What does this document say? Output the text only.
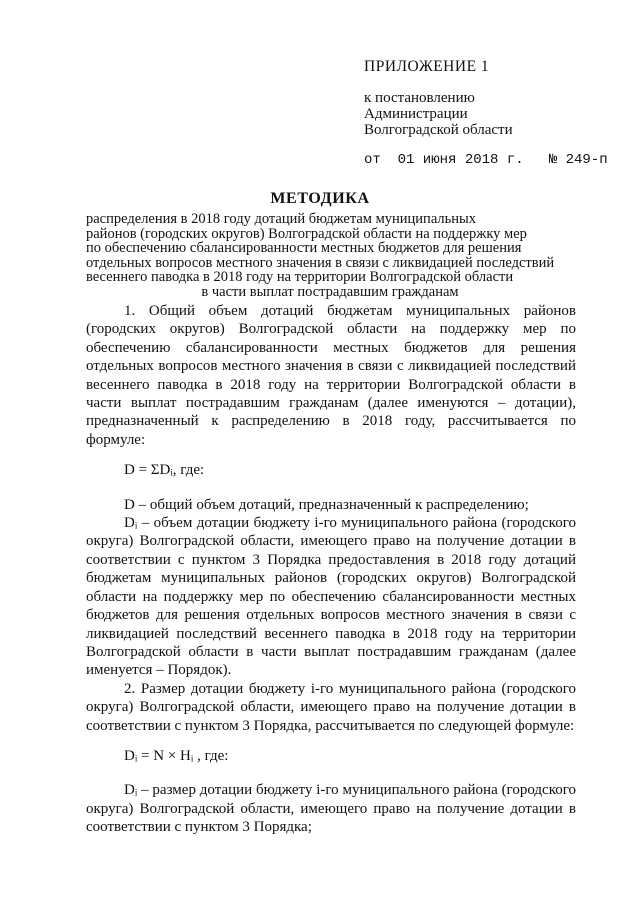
ПРИЛОЖЕНИЕ 1
к постановлению
Администрации
Волгоградской области
от  01 июня 2018 г.   № 249-п
МЕТОДИКА
распределения в 2018 году дотаций бюджетам муниципальных
районов (городских округов) Волгоградской области на поддержку мер
по обеспечению сбалансированности местных бюджетов для решения
отдельных вопросов местного значения в связи с ликвидацией последствий
весеннего паводка в 2018 году на территории Волгоградской области
в части выплат пострадавшим гражданам

1. Общий объем дотаций бюджетам муниципальных районов (городских округов) Волгоградской области на поддержку мер по обеспечению сбалансированности местных бюджетов для решения отдельных вопросов местного значения в связи с ликвидацией последствий весеннего паводка в 2018 году на территории Волгоградской области в части выплат пострадавшим гражданам (далее именуются – дотации), предназначенный к распределению в 2018 году, рассчитывается по формуле:

D = ΣDᵢ, где:

D – общий объем дотаций, предназначенный к распределению;

Dᵢ – объем дотации бюджету i-го муниципального района (городского округа) Волгоградской области, имеющего право на получение дотации в соответствии с пунктом 3 Порядка предоставления в 2018 году дотаций бюджетам муниципальных районов (городских округов) Волгоградской области на поддержку мер по обеспечению сбалансированности местных бюджетов для решения отдельных вопросов местного значения в связи с ликвидацией последствий весеннего паводка в 2018 году на территории Волгоградской области в части выплат пострадавшим гражданам (далее именуется – Порядок).

2. Размер дотации бюджету i-го муниципального района (городского округа) Волгоградской области, имеющего право на получение дотации в соответствии с пунктом 3 Порядка, рассчитывается по следующей формуле:

Dᵢ = N × Hᵢ , где:

Dᵢ – размер дотации бюджету i-го муниципального района (городского округа) Волгоградской области, имеющего право на получение дотации в соответствии с пунктом 3 Порядка;
